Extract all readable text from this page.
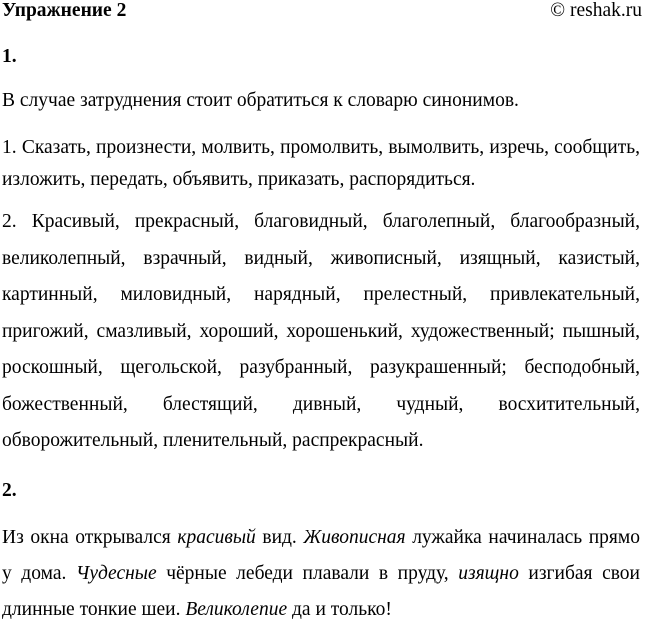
Упражнение 2	© reshak.ru
1.

В случае затруднения стоит обратиться к словарю синонимов.

1. Сказать, произнести, молвить, промолвить, вымолвить, изречь, сообщить, изложить, передать, объявить, приказать, распорядиться.

2. Красивый, прекрасный, благовидный, благолепный, благообразный, великолепный, взрачный, видный, живописный, изящный, казистый, картинный, миловидный, нарядный, прелестный, привлекательный, пригожий, смазливый, хороший, хорошенький, художественный; пышный, роскошный, щегольской, разубранный, разукрашенный; бесподобный, божественный, блестящий, дивный, чудный, восхитительный, обворожительный, пленительный, распрекрасный.

2.

Из окна открывался красивый вид. Живописная лужайка начиналась прямо у дома. Чудесные чёрные лебеди плавали в пруду, изящно изгибая свои длинные тонкие шеи. Великолепие да и только!
